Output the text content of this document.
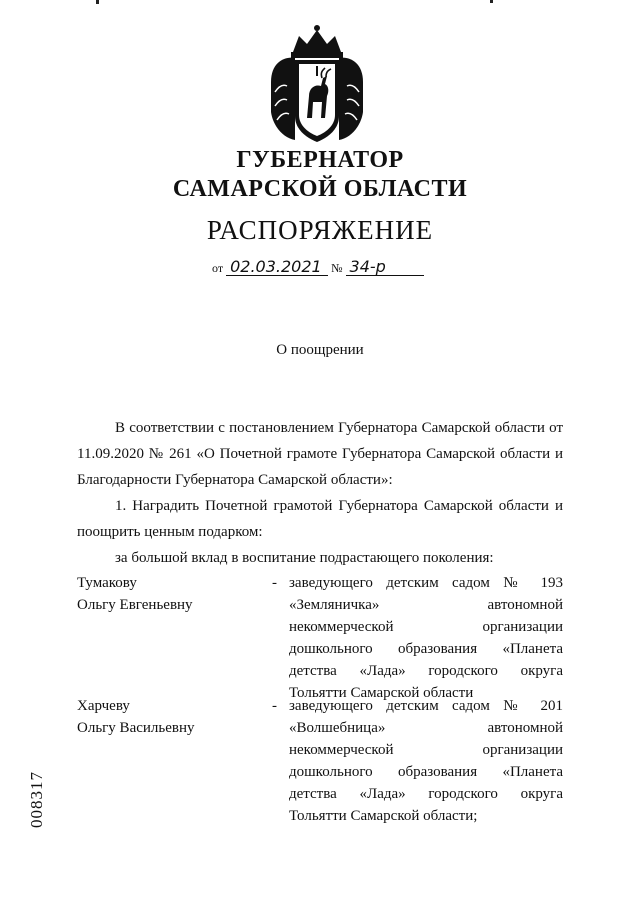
ГУБЕРНАТОР
САМАРСКОЙ ОБЛАСТИ
РАСПОРЯЖЕНИЕ
от 02.03.2021 № 34-р
О поощрении
В соответствии с постановлением Губернатора Самарской области от 11.09.2020 № 261 «О Почетной грамоте Губернатора Самарской области и Благодарности Губернатора Самарской области»:
1. Наградить Почетной грамотой Губернатора Самарской области и поощрить ценным подарком:
за большой вклад в воспитание подрастающего поколения:
Тумакову
Ольгу Евгеньевну
- заведующего детским садом № 193 «Земляничка» автономной некоммерческой организации дошкольного образования «Планета детства «Лада» городского округа Тольятти Самарской области
Харчеву
Ольгу Васильевну
- заведующего детским садом № 201 «Волшебница» автономной некоммерческой организации дошкольного образования «Планета детства «Лада» городского округа Тольятти Самарской области;
008317
